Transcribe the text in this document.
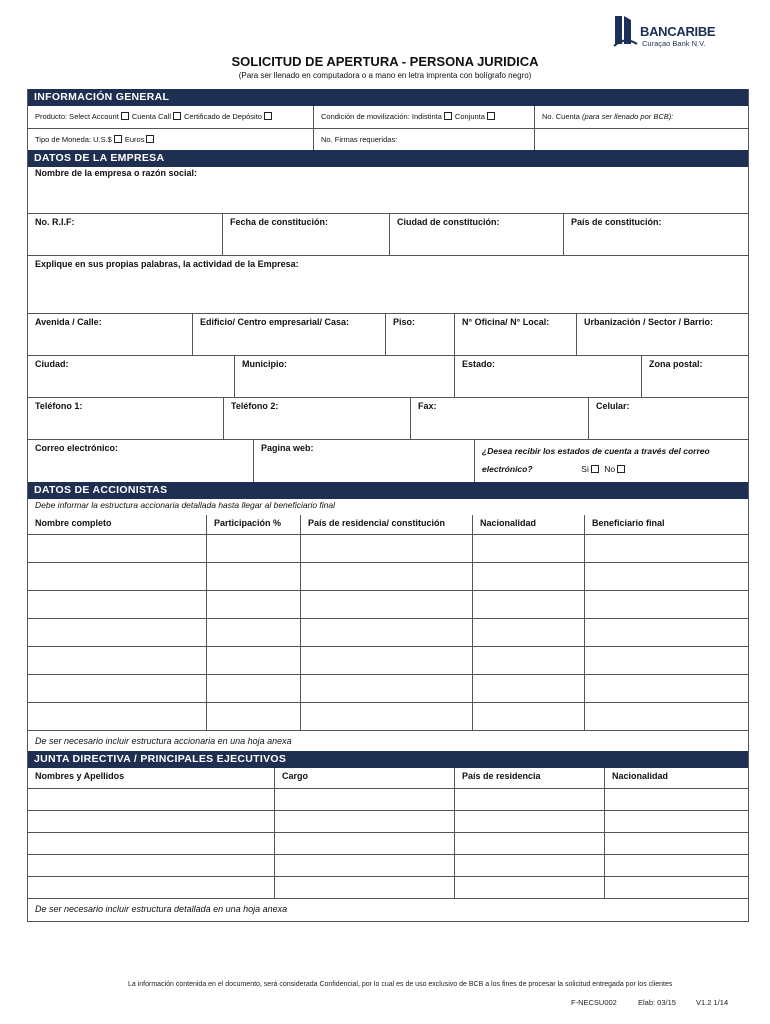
BANCARIBE
Curaçao Bank N.V.
SOLICITUD DE APERTURA - PERSONA JURIDICA
(Para ser llenado en computadora o a mano en letra imprenta con bolígrafo negro)
INFORMACIÓN GENERAL
Producto: Select Account Cuenta Call Certificado de Depósito	Condición de movilización: Indistinta Conjunta	No. Cuenta (para ser llenado por BCB):
Tipo de Moneda: U.S.$ Euros	No. Firmas requeridas:
DATOS DE LA EMPRESA
Nombre de la empresa o razón social:
No. R.I.F:	Fecha de constitución:	Ciudad de constitución:	País de constitución:
Explique en sus propias palabras, la actividad de la Empresa:
Avenida / Calle:	Edificio/ Centro empresarial/ Casa:	Piso:	N° Oficina/ N° Local:	Urbanización / Sector / Barrio:
Ciudad:	Municipio:	Estado:	Zona postal:
Teléfono 1:	Teléfono 2:	Fax:	Celular:
Correo electrónico:	Pagina web:	¿Desea recibir los estados de cuenta a través del correo
electrónico?	Si No
DATOS DE ACCIONISTAS
Debe informar la estructura accionaria detallada hasta llegar al beneficiario final
Nombre completo	Participación %	País de residencia/ constitución	Nacionalidad	Beneficiario final
De ser necesario incluir estructura accionaria en una hoja anexa
JUNTA DIRECTIVA / PRINCIPALES EJECUTIVOS
Nombres y Apellidos	Cargo	País de residencia	Nacionalidad
De ser necesario incluir estructura detallada en una hoja anexa
La información contenida en el documento, será considerada Confidencial, por lo cual es de uso exclusivo de BCB a los fines de procesar la solicitud entregada por los clientes
F-NECSU002	Elab: 03/15	V1.2 1/14
